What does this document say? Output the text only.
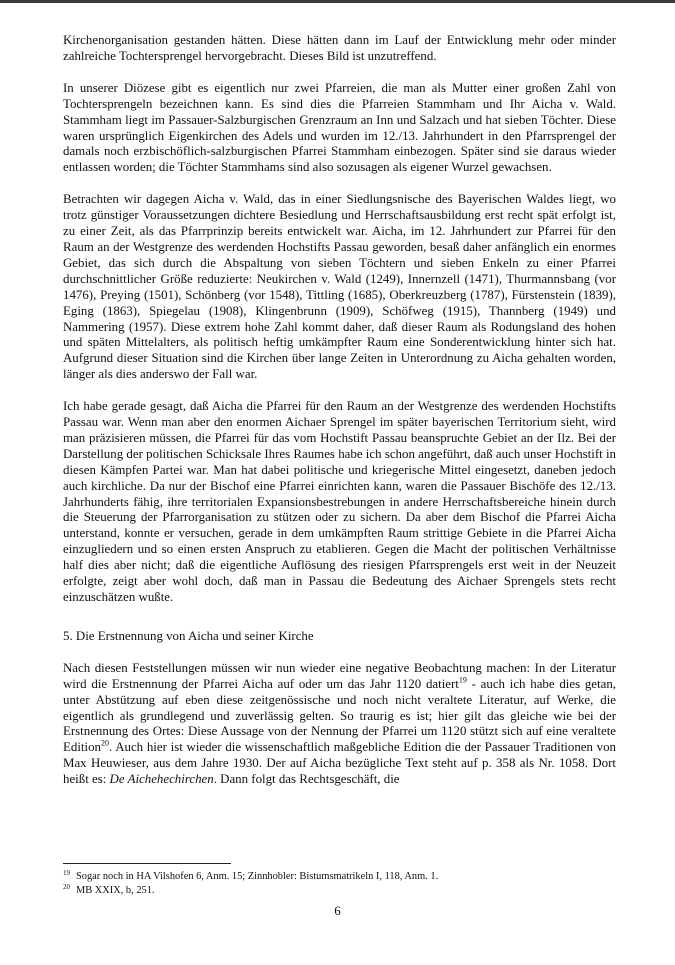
Kirchenorganisation gestanden hätten. Diese hätten dann im Lauf der Entwicklung mehr oder minder zahlreiche Tochtersprengel hervorgebracht. Dieses Bild ist unzutreffend.

In unserer Diözese gibt es eigentlich nur zwei Pfarreien, die man als Mutter einer großen Zahl von Tochtersprengeln bezeichnen kann. Es sind dies die Pfarreien Stammham und Ihr Aicha v. Wald. Stammham liegt im Passauer-Salzburgischen Grenzraum an Inn und Salzach und hat sieben Töchter. Diese waren ursprünglich Eigenkirchen des Adels und wurden im 12./13. Jahrhundert in den Pfarrsprengel der damals noch erzbischöflich-salzburgischen Pfarrei Stammham einbezogen. Später sind sie daraus wieder entlassen worden; die Töchter Stammhams sind also sozusagen als eigener Wurzel gewachsen.

Betrachten wir dagegen Aicha v. Wald, das in einer Siedlungsnische des Bayerischen Waldes liegt, wo trotz günstiger Voraussetzungen dichtere Besiedlung und Herrschaftsausbildung erst recht spät erfolgt ist, zu einer Zeit, als das Pfarrprinzip bereits entwickelt war. Aicha, im 12. Jahrhundert zur Pfarrei für den Raum an der Westgrenze des werdenden Hochstifts Passau geworden, besaß daher anfänglich ein enormes Gebiet, das sich durch die Abspaltung von sieben Töchtern und sieben Enkeln zu einer Pfarrei durchschnittlicher Größe reduzierte: Neukirchen v. Wald (1249), Innernzell (1471), Thurmannsbang (vor 1476), Preying (1501), Schönberg (vor 1548), Tittling (1685), Oberkreuzberg (1787), Fürstenstein (1839), Eging (1863), Spiegelau (1908), Klingenbrunn (1909), Schöfweg (1915), Thannberg (1949) und Nammering (1957). Diese extrem hohe Zahl kommt daher, daß dieser Raum als Rodungsland des hohen und späten Mittelalters, als politisch heftig umkämpfter Raum eine Sonderentwicklung hinter sich hat. Aufgrund dieser Situation sind die Kirchen über lange Zeiten in Unterordnung zu Aicha gehalten worden, länger als dies anderswo der Fall war.

Ich habe gerade gesagt, daß Aicha die Pfarrei für den Raum an der Westgrenze des werdenden Hochstifts Passau war. Wenn man aber den enormen Aichaer Sprengel im später bayerischen Territorium sieht, wird man präzisieren müssen, die Pfarrei für das vom Hochstift Passau beanspruchte Gebiet an der Ilz. Bei der Darstellung der politischen Schicksale Ihres Raumes habe ich schon angeführt, daß auch unser Hochstift in diesen Kämpfen Partei war. Man hat dabei politische und kriegerische Mittel eingesetzt, daneben jedoch auch kirchliche. Da nur der Bischof eine Pfarrei einrichten kann, waren die Passauer Bischöfe des 12./13. Jahrhunderts fähig, ihre territorialen Expansionsbestrebungen in andere Herrschaftsbereiche hinein durch die Steuerung der Pfarrorganisation zu stützen oder zu sichern. Da aber dem Bischof die Pfarrei Aicha unterstand, konnte er versuchen, gerade in dem umkämpften Raum strittige Gebiete in die Pfarrei Aicha einzugliedern und so einen ersten Anspruch zu etablieren. Gegen die Macht der politischen Verhältnisse half dies aber nicht; daß die eigentliche Auflösung des riesigen Pfarrsprengels erst weit in der Neuzeit erfolgte, zeigt aber wohl doch, daß man in Passau die Bedeutung des Aichaer Sprengels stets recht einzuschätzen wußte.

5. Die Erstnennung von Aicha und seiner Kirche

Nach diesen Feststellungen müssen wir nun wieder eine negative Beobachtung machen: In der Literatur wird die Erstnennung der Pfarrei Aicha auf oder um das Jahr 1120 datiert$^{19}$ - auch ich habe dies getan, unter Abstützung auf eben diese zeitgenössische und noch nicht veraltete Literatur, auf Werke, die eigentlich als grundlegend und zuverlässig gelten. So traurig es ist; hier gilt das gleiche wie bei der Erstnennung des Ortes: Diese Aussage von der Nennung der Pfarrei um 1120 stützt sich auf eine veraltete Edition$^{20}$. Auch hier ist wieder die wissenschaftlich maßgebliche Edition die der Passauer Traditionen von Max Heuwieser, aus dem Jahre 1930. Der auf Aicha bezügliche Text steht auf p. 358 als Nr. 1058. Dort heißt es: De Aichehechirchen. Dann folgt das Rechtsgeschäft, die

$^{19}$ Sogar noch in HA Vilshofen 6, Anm. 15; Zinnhobler: Bistumsmatrikeln I, 118, Anm. 1.

$^{20}$ MB XXIX, b, 251.

6
